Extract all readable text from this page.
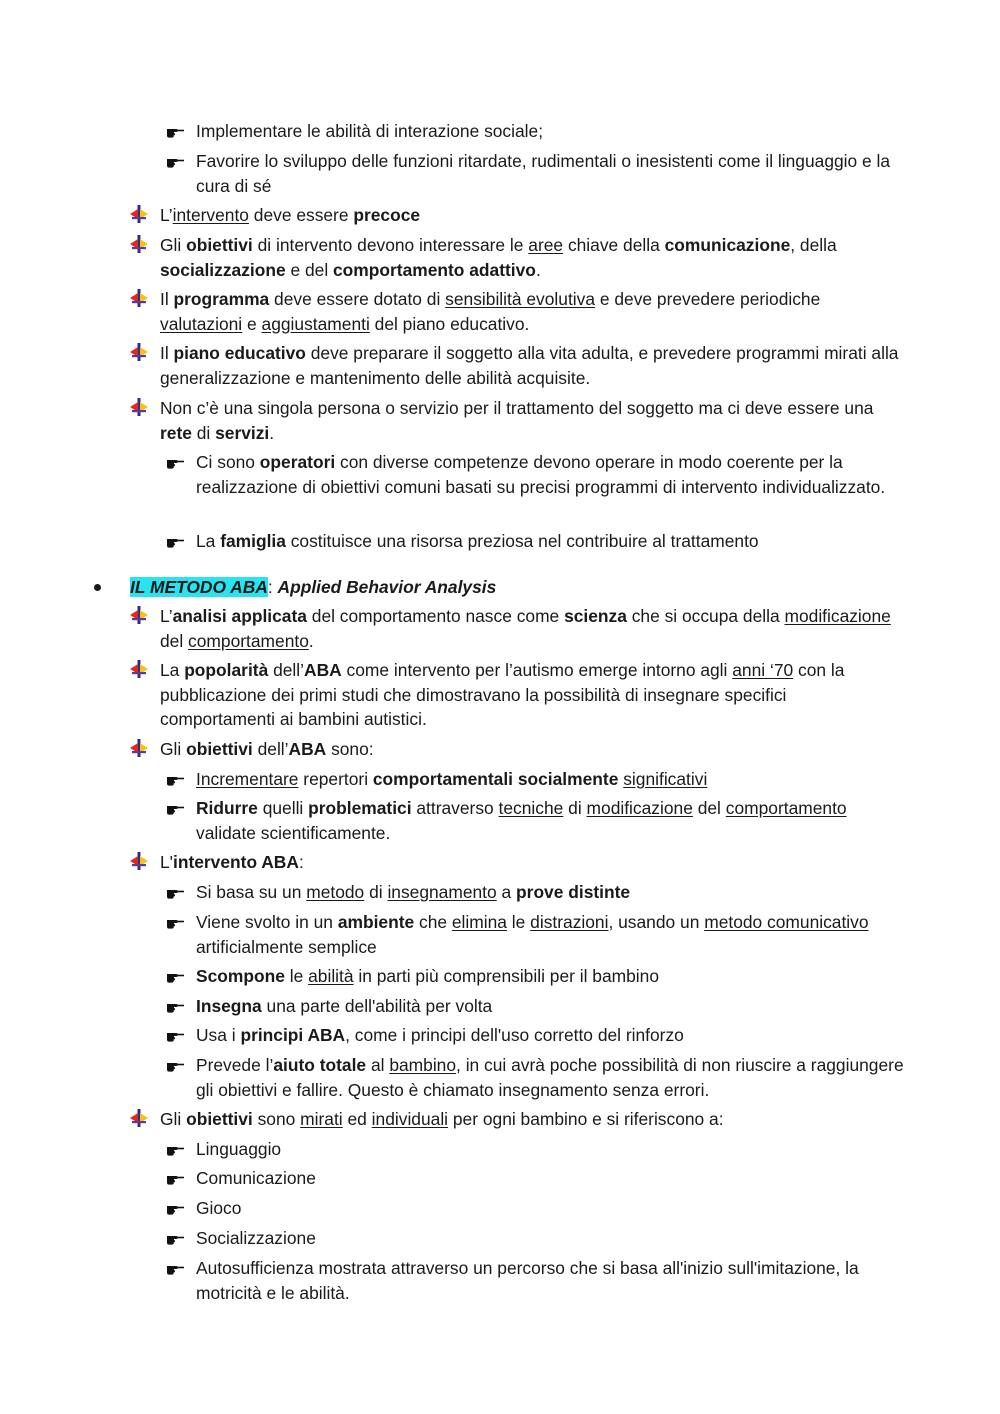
Implementare le abilità di interazione sociale;
Favorire lo sviluppo delle funzioni ritardate, rudimentali o inesistenti come il linguaggio e la cura di sé
L’intervento deve essere precoce
Gli obiettivi di intervento devono interessare le aree chiave della comunicazione, della socializzazione e del comportamento adattivo.
Il programma deve essere dotato di sensibilità evolutiva e deve prevedere periodiche valutazioni e aggiustamenti del piano educativo.
Il piano educativo deve preparare il soggetto alla vita adulta, e prevedere programmi mirati alla generalizzazione e mantenimento delle abilità acquisite.
Non c’è una singola persona o servizio per il trattamento del soggetto ma ci deve essere una rete di servizi.
Ci sono operatori con diverse competenze devono operare in modo coerente per la realizzazione di obiettivi comuni basati su precisi programmi di intervento individualizzato.
La famiglia costituisce una risorsa preziosa nel contribuire al trattamento
IL METODO ABA: Applied Behavior Analysis
L’analisi applicata del comportamento nasce come scienza che si occupa della modificazione del comportamento.
La popolarità dell’ABA come intervento per l’autismo emerge intorno agli anni ‘70 con la pubblicazione dei primi studi che dimostravano la possibilità di insegnare specifici comportamenti ai bambini autistici.
Gli obiettivi dell’ABA sono:
Incrementare repertori comportamentali socialmente significativi
Ridurre quelli problematici attraverso tecniche di modificazione del comportamento validate scientificamente.
L'intervento ABA:
Si basa su un metodo di insegnamento a prove distinte
Viene svolto in un ambiente che elimina le distrazioni, usando un metodo comunicativo artificialmente semplice
Scompone le abilità in parti più comprensibili per il bambino
Insegna una parte dell'abilità per volta
Usa i principi ABA, come i principi dell'uso corretto del rinforzo
Prevede l’aiuto totale al bambino, in cui avrà poche possibilità di non riuscire a raggiungere gli obiettivi e fallire. Questo è chiamato insegnamento senza errori.
Gli obiettivi sono mirati ed individuali per ogni bambino e si riferiscono a:
Linguaggio
Comunicazione
Gioco
Socializzazione
Autosufficienza mostrata attraverso un percorso che si basa all'inizio sull'imitazione, la motricità e le abilità.
